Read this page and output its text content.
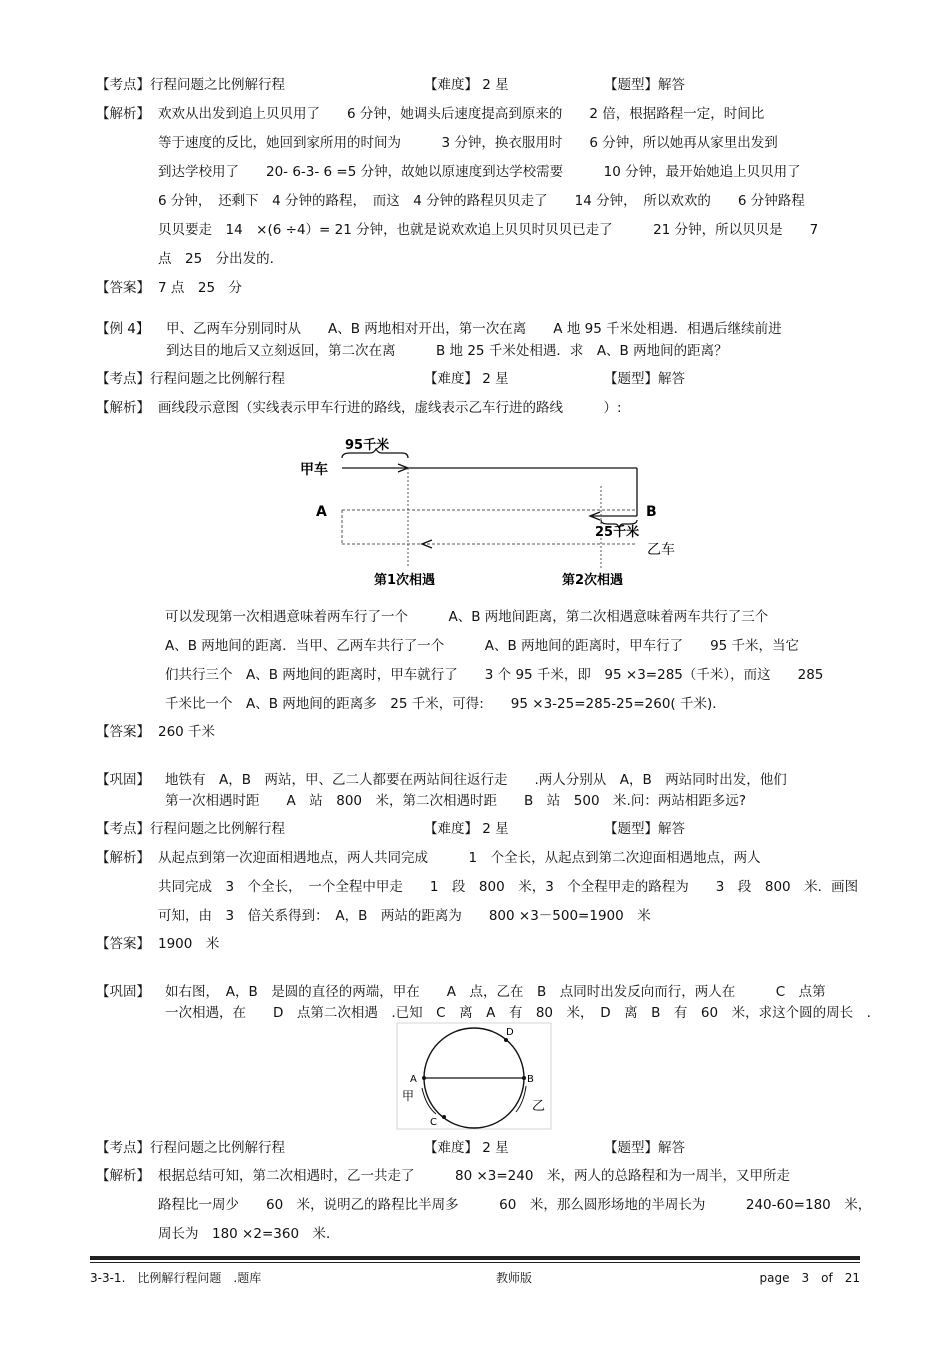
【考点】行程问题之比例解行程	【难度】 2 星	【题型】解答
【解析】 欢欢从出发到追上贝贝用了　　6 分钟，她调头后速度提高到原来的　　2 倍，根据路程一定，时间比
等于速度的反比，她回到家所用的时间为　　　3 分钟，换衣服用时　　6 分钟，所以她再从家里出发到
到达学校用了　　20- 6-3- 6 =5 分钟，故她以原速度到达学校需要　　　10 分钟，最开始她追上贝贝用了
6 分钟，　还剩下　4 分钟的路程，　而这　4 分钟的路程贝贝走了　　14 分钟，　所以欢欢的　　6 分钟路程
贝贝要走　14　×(6 ÷4）= 21 分钟，也就是说欢欢追上贝贝时贝贝已走了　　　21 分钟，所以贝贝是　　7
点　25　分出发的.
【答案】 7 点　25　分
【例 4】 甲、乙两车分别同时从　　A、B 两地相对开出，第一次在离　　A 地 95 千米处相遇．相遇后继续前进
到达目的地后又立刻返回，第二次在离　　　B 地 25 千米处相遇．求　A、B 两地间的距离？
【考点】行程问题之比例解行程	【难度】 2 星	【题型】解答
【解析】 画线段示意图（实线表示甲车行进的路线，虚线表示乙车行进的路线　　　）:
95千米
甲车
A	B
25千米
乙车
第1次相遇	第2次相遇
可以发现第一次相遇意味着两车行了一个　　　A、B 两地间距离，第二次相遇意味着两车共行了三个
A、B 两地间的距离．当甲、乙两车共行了一个　　　A、B 两地间的距离时，甲车行了　　95 千米，当它
们共行三个　A、B 两地间的距离时，甲车就行了　　3 个 95 千米，即　95 ×3=285（千米），而这　　285
千米比一个　A、B 两地间的距离多　25 千米，可得:　　95 ×3-25=285-25=260( 千米)．
【答案】 260 千米
【巩固】 地铁有　A，B　两站，甲、乙二人都要在两站间往返行走　　.两人分别从　A，B　两站同时出发，他们
第一次相遇时距　　A　站　800　米，第二次相遇时距　　B　站　500　米.问：两站相距多远?
【考点】行程问题之比例解行程	【难度】 2 星	【题型】解答
【解析】 从起点到第一次迎面相遇地点，两人共同完成　　　1　个全长，从起点到第二次迎面相遇地点，两人
共同完成　3　个全长，　一个全程中甲走　　1　段　800　米，3　个全程甲走的路程为　　3　段　800　米．画图
可知，由　3　倍关系得到：　A，B　两站的距离为　　800 ×3－500=1900　米
【答案】 1900　米
【巩固】 如右图，　A，B　是圆的直径的两端，甲在　　A　点，乙在　B　点同时出发反向而行，两人在　　　C　点第
一次相遇，在　　D　点第二次相遇　.已知　C　离　A　有　80　米，　D　离　B　有　60　米，求这个圆的周长　.
A	B
D
C
甲
乙
【考点】行程问题之比例解行程	【难度】 2 星	【题型】解答
【解析】 根据总结可知，第二次相遇时，乙一共走了　　　80 ×3=240　米，两人的总路程和为一周半，又甲所走
路程比一周少　　60　米，说明乙的路程比半周多　　　60　米，那么圆形场地的半周长为　　　240-60=180　米，
周长为　180 ×2=360　米．
3-3-1.　比例解行程问题　.题库	教师版	page　3　of　21
